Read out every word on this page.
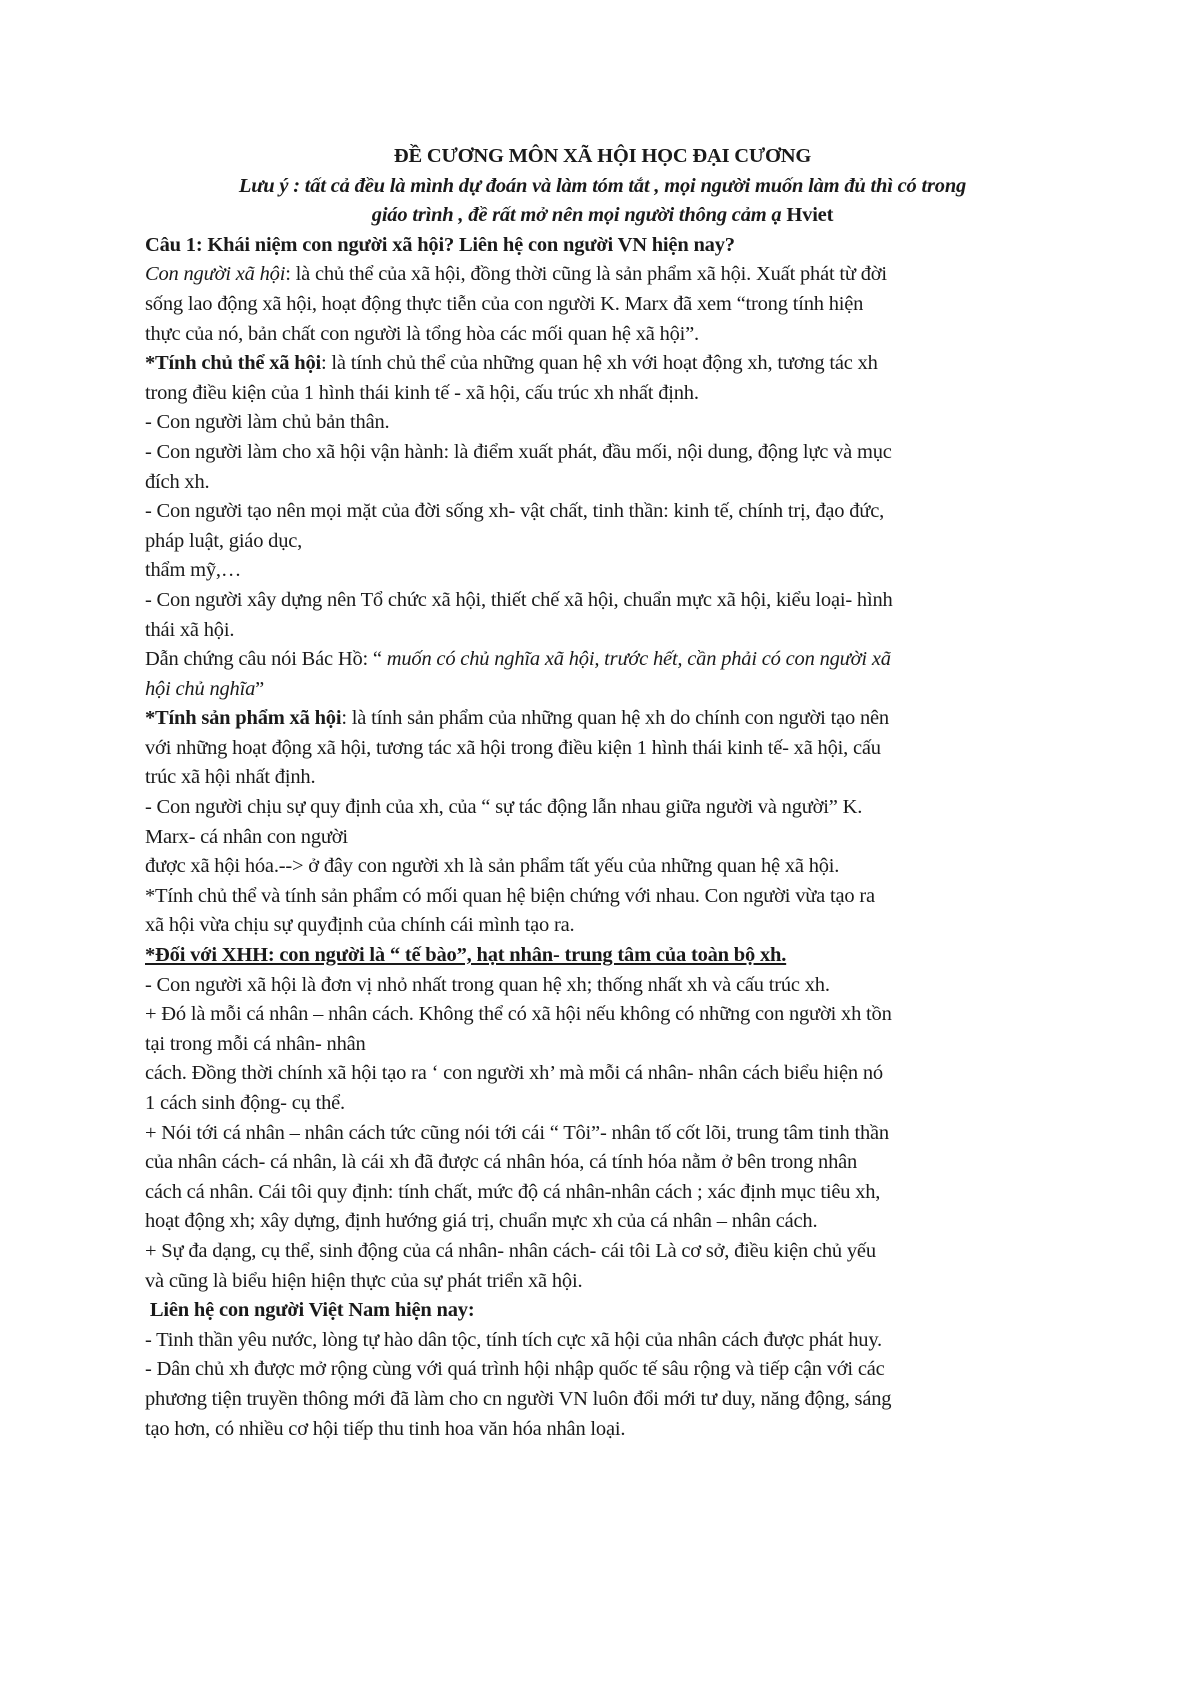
ĐỀ CƯƠNG MÔN XÃ HỘI HỌC ĐẠI CƯƠNG
Lưu ý : tất cả đều là mình dự đoán và làm tóm tắt , mọi người muốn làm đủ thì có trong
giáo trình , đề rất mở nên mọi người thông cảm ạ Hviet
Câu 1: Khái niệm con người xã hội? Liên hệ con người VN hiện nay?
Con người xã hội: là chủ thể của xã hội, đồng thời cũng là sản phẩm xã hội. Xuất phát từ đời
sống lao động xã hội, hoạt động thực tiễn của con người K. Marx đã xem “trong tính hiện
thực của nó, bản chất con người là tổng hòa các mối quan hệ xã hội”.
*Tính chủ thể xã hội: là tính chủ thể của những quan hệ xh với hoạt động xh, tương tác xh
trong điều kiện của 1 hình thái kinh tế - xã hội, cấu trúc xh nhất định.
- Con người làm chủ bản thân.
- Con người làm cho xã hội vận hành: là điểm xuất phát, đầu mối, nội dung, động lực và mục
đích xh.
- Con người tạo nên mọi mặt của đời sống xh- vật chất, tinh thần: kinh tế, chính trị, đạo đức,
pháp luật, giáo dục,
thẩm mỹ,…
- Con người xây dựng nên Tổ chức xã hội, thiết chế xã hội, chuẩn mực xã hội, kiểu loại- hình
thái xã hội.
Dẫn chứng câu nói Bác Hồ: “ muốn có chủ nghĩa xã hội, trước hết, cần phải có con người xã
hội chủ nghĩa”
*Tính sản phẩm xã hội: là tính sản phẩm của những quan hệ xh do chính con người tạo nên
với những hoạt động xã hội, tương tác xã hội trong điều kiện 1 hình thái kinh tế- xã hội, cấu
trúc xã hội nhất định.
- Con người chịu sự quy định của xh, của “ sự tác động lẫn nhau giữa người và người” K.
Marx- cá nhân con người
được xã hội hóa.--> ở đây con người xh là sản phẩm tất yếu của những quan hệ xã hội.
*Tính chủ thể và tính sản phẩm có mối quan hệ biện chứng với nhau. Con người vừa tạo ra
xã hội vừa chịu sự quyđịnh của chính cái mình tạo ra.
*Đối với XHH: con người là “ tế bào”, hạt nhân- trung tâm của toàn bộ xh.
- Con người xã hội là đơn vị nhỏ nhất trong quan hệ xh; thống nhất xh và cấu trúc xh.
+ Đó là mỗi cá nhân – nhân cách. Không thể có xã hội nếu không có những con người xh tồn
tại trong mỗi cá nhân- nhân
cách. Đồng thời chính xã hội tạo ra ‘ con người xh’ mà mỗi cá nhân- nhân cách biểu hiện nó
1 cách sinh động- cụ thể.
+ Nói tới cá nhân – nhân cách tức cũng nói tới cái “ Tôi”- nhân tố cốt lõi, trung tâm tinh thần
của nhân cách- cá nhân, là cái xh đã được cá nhân hóa, cá tính hóa nằm ở bên trong nhân
cách cá nhân. Cái tôi quy định: tính chất, mức độ cá nhân-nhân cách ; xác định mục tiêu xh,
hoạt động xh; xây dựng, định hướng giá trị, chuẩn mực xh của cá nhân – nhân cách.
+ Sự đa dạng, cụ thể, sinh động của cá nhân- nhân cách- cái tôi Là cơ sở, điều kiện chủ yếu
và cũng là biểu hiện hiện thực của sự phát triển xã hội.
Liên hệ con người Việt Nam hiện nay:
- Tinh thần yêu nước, lòng tự hào dân tộc, tính tích cực xã hội của nhân cách được phát huy.
- Dân chủ xh được mở rộng cùng với quá trình hội nhập quốc tế sâu rộng và tiếp cận với các
phương tiện truyền thông mới đã làm cho cn người VN luôn đổi mới tư duy, năng động, sáng
tạo hơn, có nhiều cơ hội tiếp thu tinh hoa văn hóa nhân loại.
